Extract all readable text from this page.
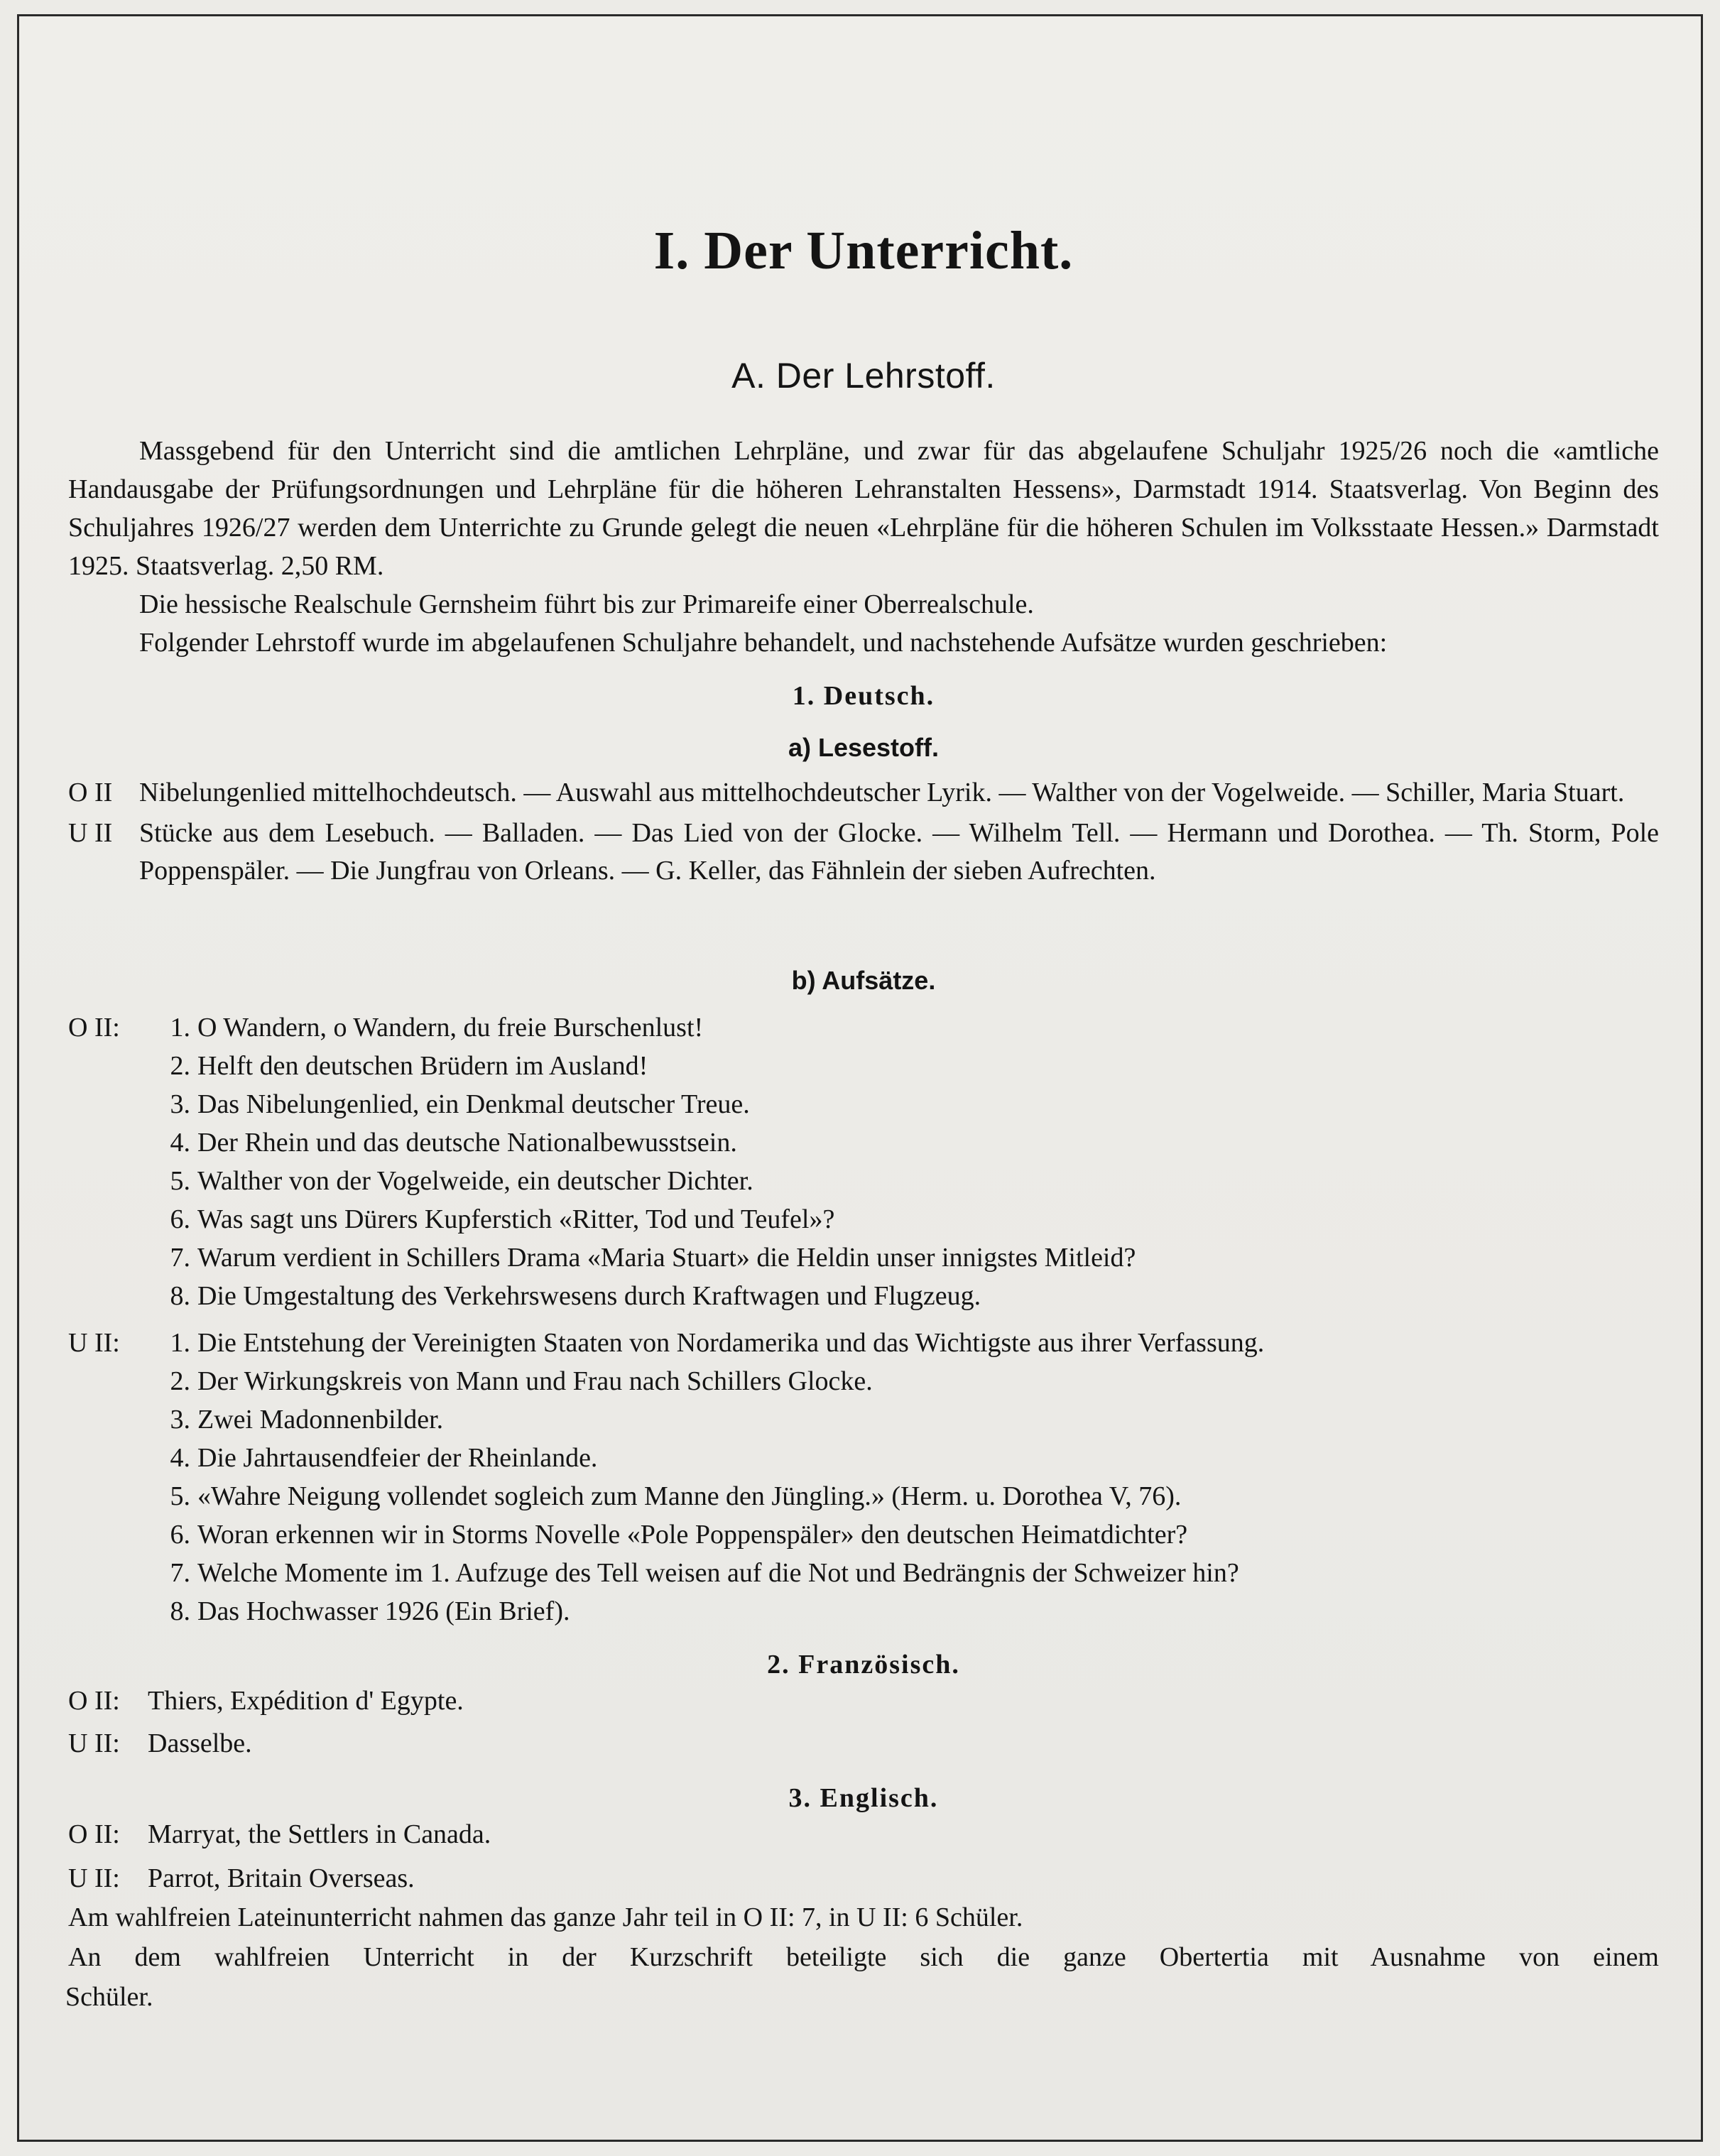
I. Der Unterricht.
A. Der Lehrstoff.

Massgebend für den Unterricht sind die amtlichen Lehrpläne, und zwar für das abgelaufene Schuljahr 1925/26 noch die «amtliche Handausgabe der Prüfungsordnungen und Lehrpläne für die höheren Lehranstalten Hessens», Darmstadt 1914. Staatsverlag. Von Beginn des Schuljahres 1926/27 werden dem Unterrichte zu Grunde gelegt die neuen «Lehrpläne für die höheren Schulen im Volksstaate Hessen.» Darmstadt 1925. Staatsverlag. 2,50 RM.

Die hessische Realschule Gernsheim führt bis zur Primareife einer Oberrealschule.

Folgender Lehrstoff wurde im abgelaufenen Schuljahre behandelt, und nachstehende Aufsätze wurden geschrieben:

1. Deutsch.
a) Lesestoff.
O II Nibelungenlied mittelhochdeutsch. — Auswahl aus mittelhochdeutscher Lyrik. — Walther von der Vogelweide. — Schiller, Maria Stuart.
U II Stücke aus dem Lesebuch. — Balladen. — Das Lied von der Glocke. — Wilhelm Tell. — Hermann und Dorothea. — Th. Storm, Pole Poppenspäler. — Die Jungfrau von Orleans. — G. Keller, das Fähnlein der sieben Aufrechten.
b) Aufsätze.
O II:	1. O Wandern, o Wandern, du freie Burschenlust!
2. Helft den deutschen Brüdern im Ausland!
3. Das Nibelungenlied, ein Denkmal deutscher Treue.
4. Der Rhein und das deutsche Nationalbewusstsein.
5. Walther von der Vogelweide, ein deutscher Dichter.
6. Was sagt uns Dürers Kupferstich «Ritter, Tod und Teufel»?
7. Warum verdient in Schillers Drama «Maria Stuart» die Heldin unser innigstes Mitleid?
8. Die Umgestaltung des Verkehrswesens durch Kraftwagen und Flugzeug.
U II:	1. Die Entstehung der Vereinigten Staaten von Nordamerika und das Wichtigste aus ihrer Verfassung.
2. Der Wirkungskreis von Mann und Frau nach Schillers Glocke.
3. Zwei Madonnenbilder.
4. Die Jahrtausendfeier der Rheinlande.
5. «Wahre Neigung vollendet sogleich zum Manne den Jüngling.» (Herm. u. Dorothea V, 76).
6. Woran erkennen wir in Storms Novelle «Pole Poppenspäler» den deutschen Heimatdichter?
7. Welche Momente im 1. Aufzuge des Tell weisen auf die Not und Bedrängnis der Schweizer hin?
8. Das Hochwasser 1926 (Ein Brief).
2. Französisch.
O II: Thiers, Expédition d' Egypte.
U II: Dasselbe.
3. Englisch.
O II: Marryat, the Settlers in Canada.
U II: Parrot, Britain Overseas.

Am wahlfreien Lateinunterricht nahmen das ganze Jahr teil in O II: 7, in U II: 6 Schüler.

An dem wahlfreien Unterricht in der Kurzschrift beteiligte sich die ganze Obertertia mit Ausnahme von einem

Schüler.
